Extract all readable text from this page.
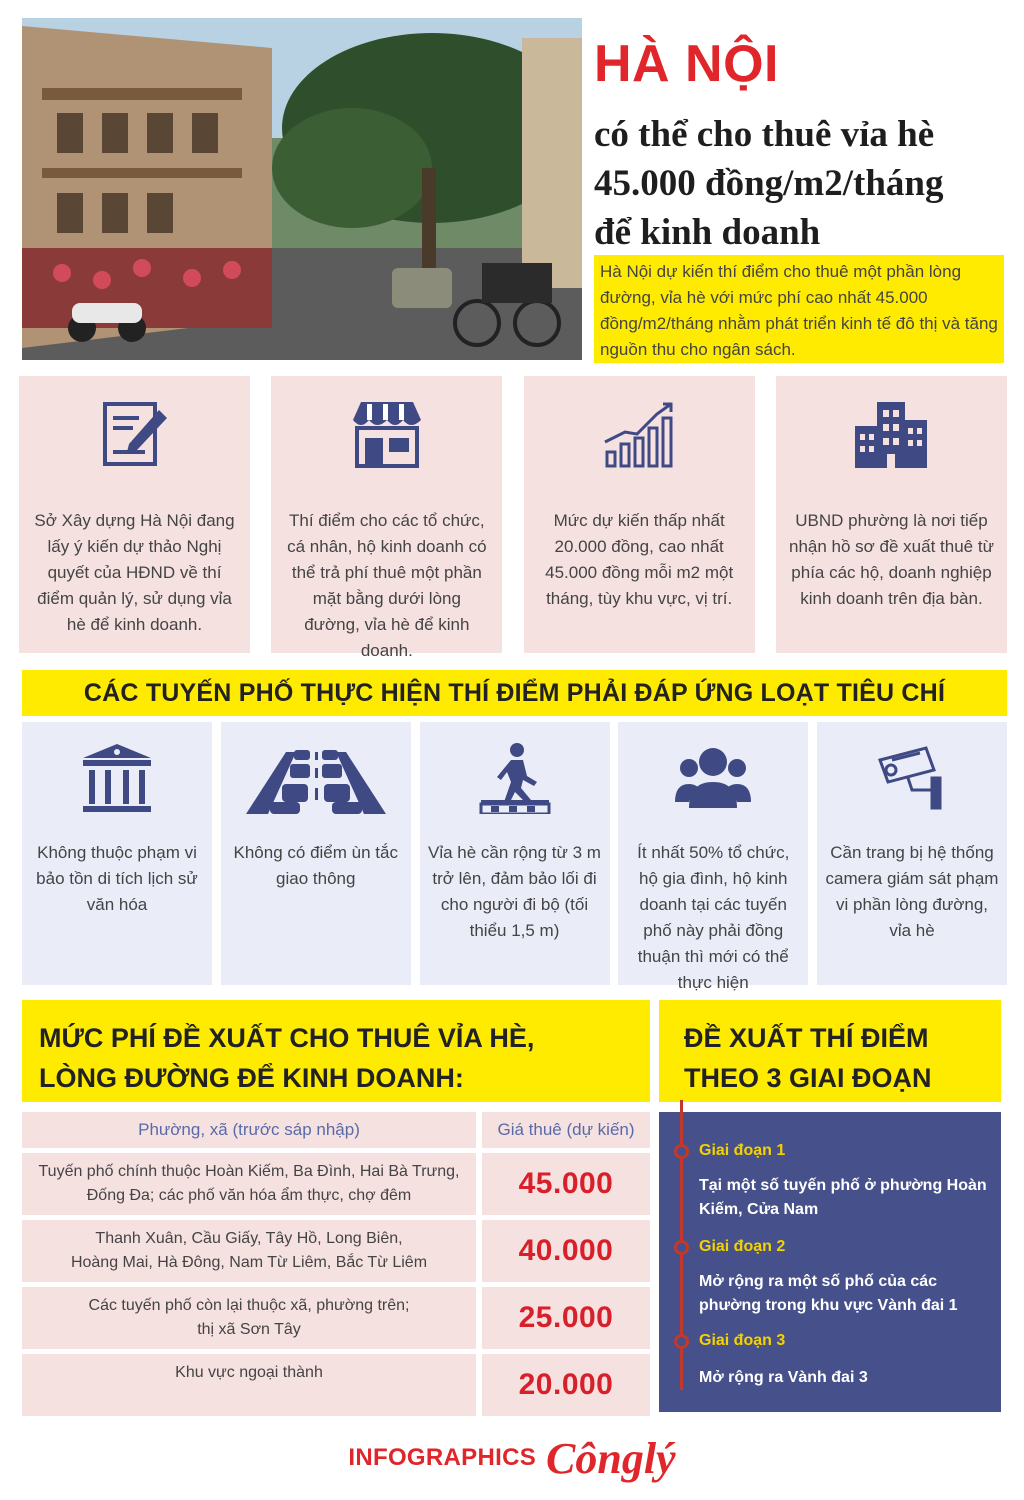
HÀ NỘI
có thể cho thuê vỉa hè
45.000 đồng/m2/tháng
để kinh doanh
Hà Nội dự kiến thí điểm cho thuê một phần lòng đường, vỉa hè với mức phí cao nhất 45.000 đồng/m2/tháng nhằm phát triển kinh tế đô thị và tăng nguồn thu cho ngân sách.

Sở Xây dựng Hà Nội đang lấy ý kiến dự thảo Nghị quyết của HĐND về thí điểm quản lý, sử dụng vỉa hè để kinh doanh.

Thí điểm cho các tổ chức, cá nhân, hộ kinh doanh có thể trả phí thuê một phần mặt bằng dưới lòng đường, vỉa hè để kinh doanh.

Mức dự kiến thấp nhất 20.000 đồng, cao nhất 45.000 đồng mỗi m2 một tháng, tùy khu vực, vị trí.

UBND phường là nơi tiếp nhận hồ sơ đề xuất thuê từ phía các hộ, doanh nghiệp kinh doanh trên địa bàn.

CÁC TUYẾN PHỐ THỰC HIỆN THÍ ĐIỂM PHẢI ĐÁP ỨNG LOẠT TIÊU CHÍ

Không thuộc phạm vi bảo tồn di tích lịch sử văn hóa

Không có điểm ùn tắc giao thông

Vỉa hè cần rộng từ 3 m trở lên, đảm bảo lối đi cho người đi bộ (tối thiểu 1,5 m)

Ít nhất 50% tổ chức, hộ gia đình, hộ kinh doanh tại các tuyến phố này phải đồng thuận thì mới có thể thực hiện

Cần trang bị hệ thống camera giám sát phạm vi phần lòng đường, vỉa hè

MỨC PHÍ ĐỀ XUẤT CHO THUÊ VỈA HÈ,
LÒNG ĐƯỜNG ĐỂ KINH DOANH:
Phường, xã (trước sáp nhập)	Giá thuê (dự kiến)
Tuyến phố chính thuộc Hoàn Kiếm, Ba Đình, Hai Bà Trưng,
Đống Đa; các phố văn hóa ẩm thực, chợ đêm	45.000
Thanh Xuân, Cầu Giấy, Tây Hồ, Long Biên,
Hoàng Mai, Hà Đông, Nam Từ Liêm, Bắc Từ Liêm	40.000
Các tuyến phố còn lại thuộc xã, phường trên;
thị xã Sơn Tây	25.000
Khu vực ngoại thành	20.000
ĐỀ XUẤT THÍ ĐIỂM
THEO 3 GIAI ĐOẠN
Giai đoạn 1
Tại một số tuyến phố ở phường Hoàn Kiếm, Cửa Nam
Giai đoạn 2
Mở rộng ra một số phố của các phường trong khu vực Vành đai 1
Giai đoạn 3
Mở rộng ra Vành đai 3
INFOGRAPHICS Cônglý
